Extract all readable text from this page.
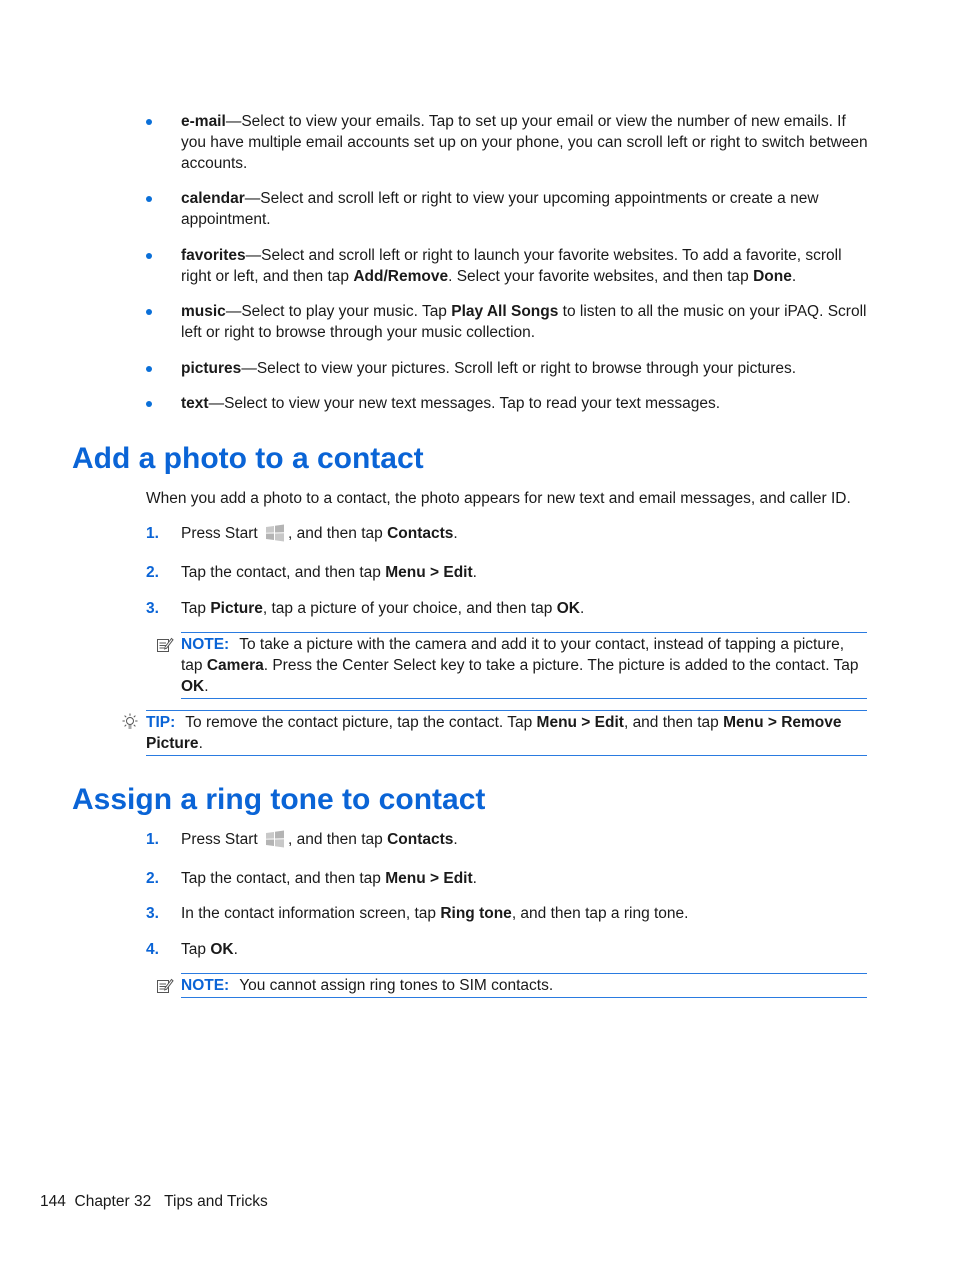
e-mail—Select to view your emails. Tap to set up your email or view the number of new emails. If you have multiple email accounts set up on your phone, you can scroll left or right to switch between accounts.
calendar—Select and scroll left or right to view your upcoming appointments or create a new appointment.
favorites—Select and scroll left or right to launch your favorite websites. To add a favorite, scroll right or left, and then tap Add/Remove. Select your favorite websites, and then tap Done.
music—Select to play your music. Tap Play All Songs to listen to all the music on your iPAQ. Scroll left or right to browse through your music collection.
pictures—Select to view your pictures. Scroll left or right to browse through your pictures.
text—Select to view your new text messages. Tap to read your text messages.
Add a photo to a contact
When you add a photo to a contact, the photo appears for new text and email messages, and caller ID.
1. Press Start , and then tap Contacts.
2. Tap the contact, and then tap Menu > Edit.
3. Tap Picture, tap a picture of your choice, and then tap OK.
NOTE: To take a picture with the camera and add it to your contact, instead of tapping a picture, tap Camera. Press the Center Select key to take a picture. The picture is added to the contact. Tap OK.
TIP: To remove the contact picture, tap the contact. Tap Menu > Edit, and then tap Menu > Remove Picture.
Assign a ring tone to contact
1. Press Start , and then tap Contacts.
2. Tap the contact, and then tap Menu > Edit.
3. In the contact information screen, tap Ring tone, and then tap a ring tone.
4. Tap OK.
NOTE: You cannot assign ring tones to SIM contacts.
144 Chapter 32 Tips and Tricks
